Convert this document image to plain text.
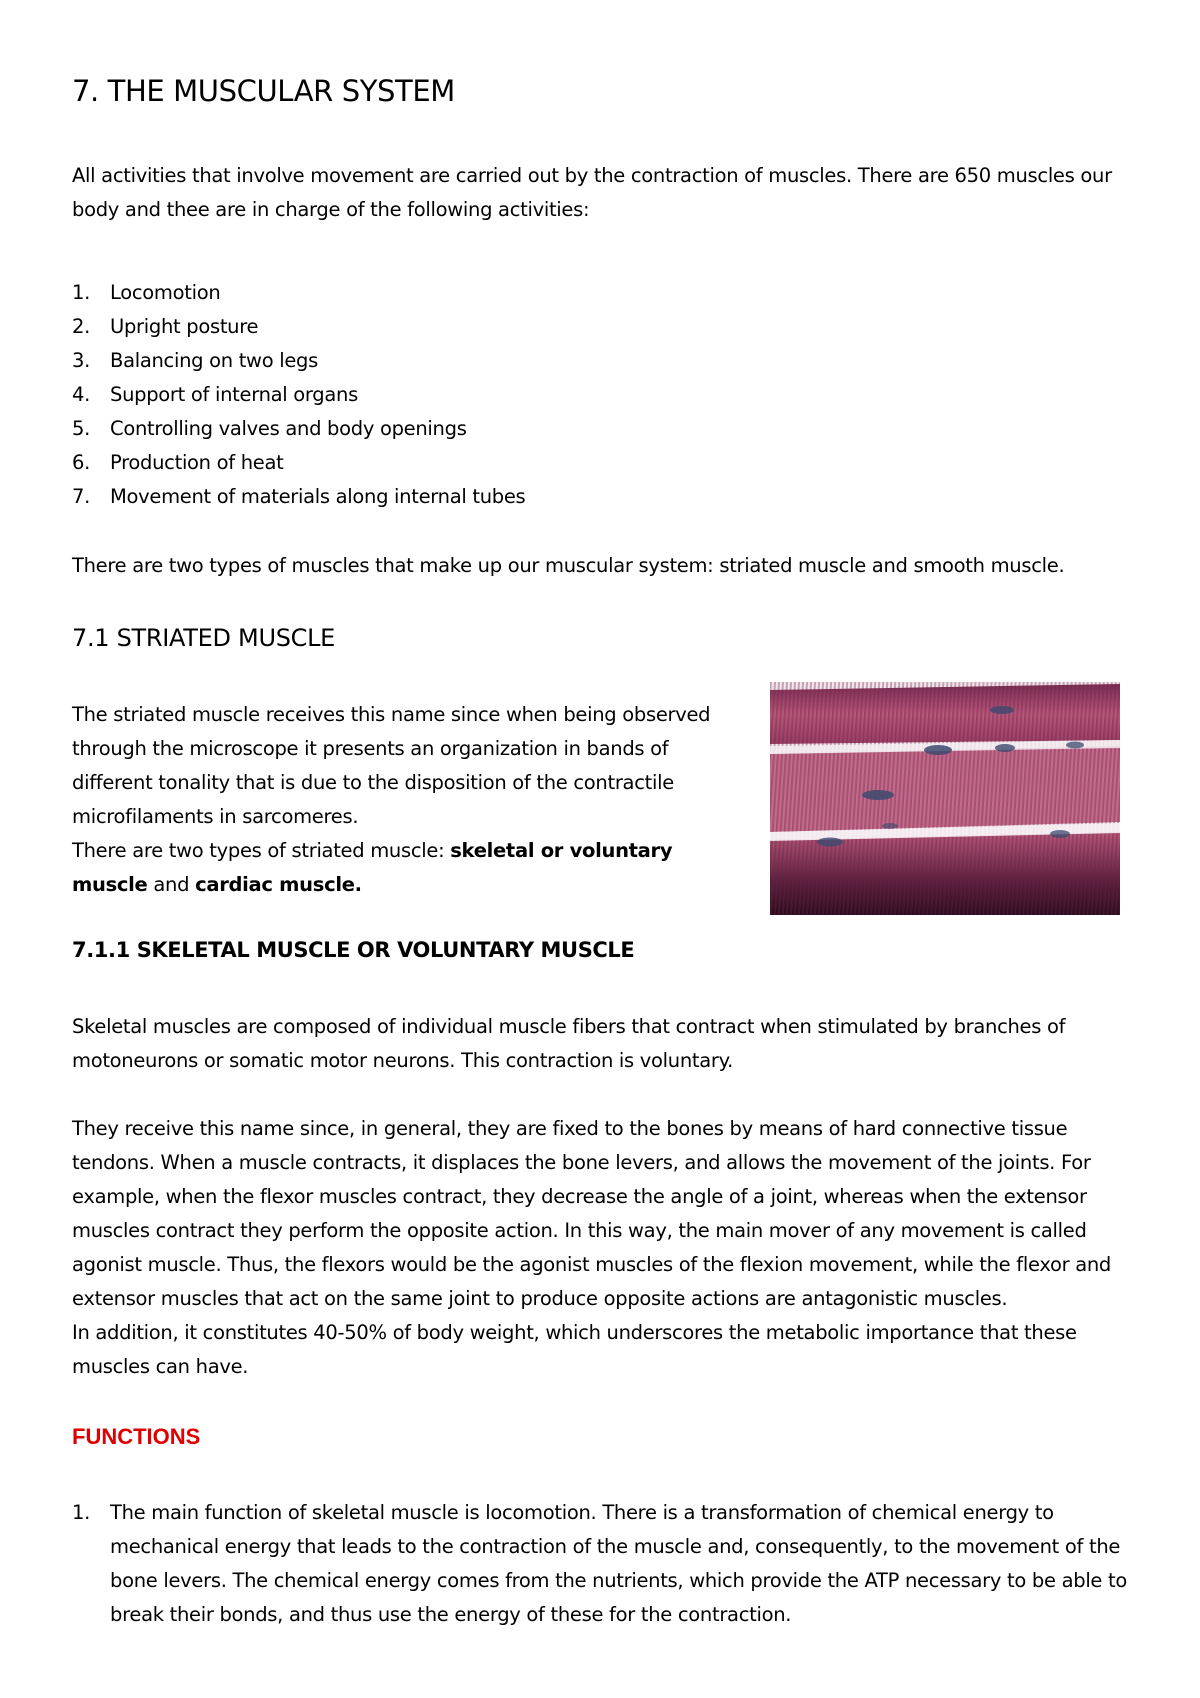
7. THE MUSCULAR SYSTEM

All activities that involve movement are carried out by the contraction of muscles. There are 650 muscles our body and thee are in charge of the following activities:

1. Locomotion
2. Upright posture
3. Balancing on two legs
4. Support of internal organs
5. Controlling valves and body openings
6. Production of heat
7. Movement of materials along internal tubes

There are two types of muscles that make up our muscular system: striated muscle and smooth muscle.

7.1 STRIATED MUSCLE

The striated muscle receives this name since when being observed through the microscope it presents an organization in bands of different tonality that is due to the disposition of the contractile microfilaments in sarcomeres.

There are two types of striated muscle: skeletal or voluntary muscle and cardiac muscle.

7.1.1 SKELETAL MUSCLE OR VOLUNTARY MUSCLE

Skeletal muscles are composed of individual muscle fibers that contract when stimulated by branches of motoneurons or somatic motor neurons. This contraction is voluntary.

They receive this name since, in general, they are fixed to the bones by means of hard connective tissue tendons. When a muscle contracts, it displaces the bone levers, and allows the movement of the joints. For example, when the flexor muscles contract, they decrease the angle of a joint, whereas when the extensor muscles contract they perform the opposite action. In this way, the main mover of any movement is called agonist muscle. Thus, the flexors would be the agonist muscles of the flexion movement, while the flexor and extensor muscles that act on the same joint to produce opposite actions are antagonistic muscles.

In addition, it constitutes 40-50% of body weight, which underscores the metabolic importance that these muscles can have.

FUNCTIONS
1. The main function of skeletal muscle is locomotion. There is a transformation of chemical energy to mechanical energy that leads to the contraction of the muscle and, consequently, to the movement of the bone levers. The chemical energy comes from the nutrients, which provide the ATP necessary to be able to break their bonds, and thus use the energy of these for the contraction.
